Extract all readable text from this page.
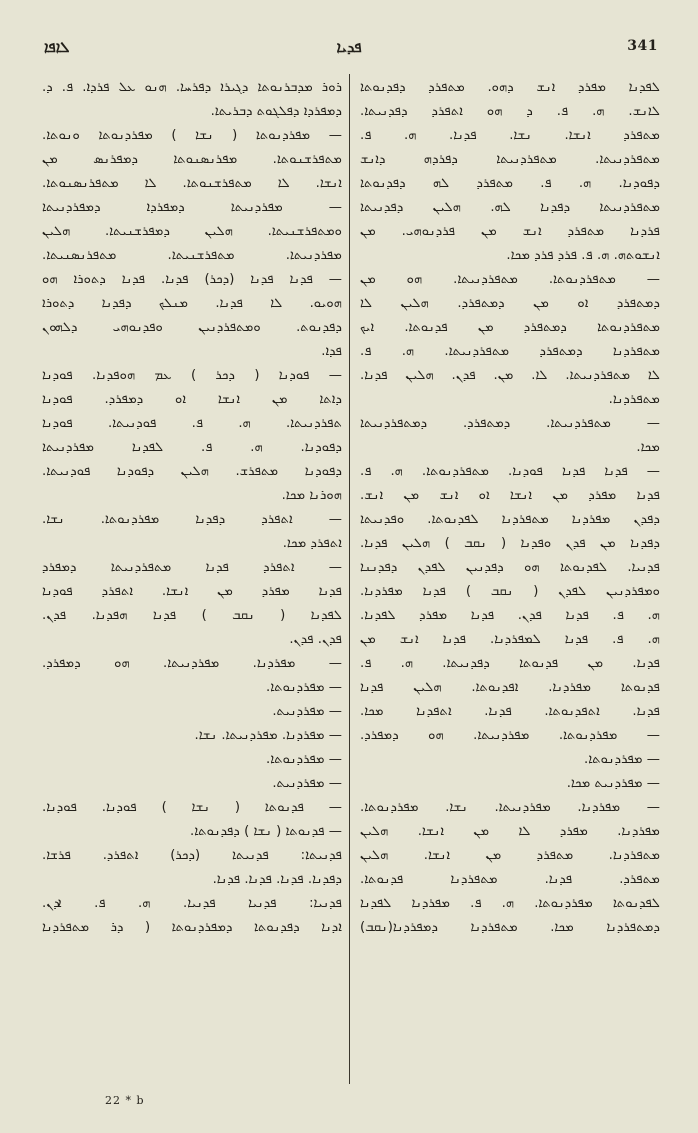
ܠܐܦܐ	ܦܕܝܐ	341
ܪܘܪ ܡܕܒܪܢܘܬܐ ܕܓܝܪܐ ܕܦܪܚܐ. ܗܢܘ ܥܠ ܦܪܕܐ. ܦ. ܕ.
ܕܡܦܪܕܐ ܕܦܠܓܘܬ ܕܒܪܝܬܐ.
— ܡܦܪܕܢܘܬܐ ( ܢܫܐ ) ܡܦܪܕܢܘܬܐ ܘܢܘܬܐ.
ܡܬܦܪܫܢܘܬܐ. ܡܦܪܢܣܢܘܬܐ ܕܡܦܪܢܣ ܡܢ
ܐܢܫܐ. ܠܐ ܡܬܦܪܫܢܘܬܐ. ܠܐ ܡܬܦܪܢܣܢܘܬܐ.
— ܡܦܪܕܢܝܬܐ ܕܡܦܪܕܐ ܕܡܦܪܕܢܝܬܐ
ܘܡܬܦܪܫܢܝܬܐ. ܗܠܝܢ ܕܡܦܪܫܢܝܬܐ. ܗܠܝܢ
ܡܦܪܕܢܝܬܐ. ܡܬܦܪܫܢܝܬܐ. ܡܬܦܪܢܣܢܝܬܐ.
— ܦܕܢܐ ܦܕܢܐ (ܕܟܪ) ܦܕܢܐ. ܦܕܢܐ ܕܬܘܪܐ ܗܘ
ܗܘܝܘ. ܠܐ ܦܕܢܐ. ܡܢܠܟ ܕܦܕܢܐ ܕܬܘܪܐ
ܕܦܕܢܘܬ. ܘܡܬܦܪܕܢܝܢ ܘܦܕܢܘܗܝ ܕܠܗܘܢ
ܦܕܐ.
— ܦܘܕܢܐ ( ܕܟܪ ) ܥܡ ܗܘܦܕܢܐ. ܦܘܕܢܐ
ܕܐܬܐ ܡܢ ܐܢܫܐ ܐܘ ܕܡܦܪܕ. ܦܘܕܢܐ
ܬܦܪܕܢܝܬܐ. ܗ. ܦ. ܦܘܕܢܝܬܐ. ܦܘܕܢܐ
ܕܦܘܕܢܐ. ܗ. ܦ. ܠܦܕܢܐ ܡܦܪܕܢܝܬܐ
ܕܦܘܕܢܐ ܡܬܦܪܫ. ܗܠܝܢ ܕܦܘܕܢܐ ܦܘܕܢܝܬܐ.
ܗܘܪܢܐ ܡܟܐ.
— ܐܬܦܪܕ ܕܦܕܢܐ ܡܦܪܕܢܘܬܐ. ܢܫܐ.
ܐܬܦܪܕ ܡܟܐ.
— ܐܬܦܪܕ ܦܕܢܐ ܡܬܦܪܕܢܝܬܐ ܕܡܦܪܕ
ܦܕܢܐ ܡܦܪܕ ܡܢ ܐܢܫܐ. ܐܬܦܪܕ ܦܘܕܢܐ
ܠܦܕܢܐ ( ܢܩܒ ) ܦܕܢܐ ܗܦܕܢܐ. ܦܕܢ.
ܦܕܢ. ܦܕܢ.
— ܡܦܪܕܢܐ. ܡܦܪܕܢܝܬܐ. ܗܘ ܕܡܦܪܕ.
— ܡܦܪܕܢܘܬܐ.
— ܡܦܪܕܢܝܬ.
— ܡܦܪܕܢܐ. ܡܦܪܕܢܝܬܐ. ܢܫܐ.
— ܡܦܪܕܢܘܬܐ.
— ܡܦܪܕܢܝܬ.
— ܦܕܢܘܬܐ ( ܢܫܐ ) ܦܘܕܢܐ. ܦܘܕܢܐ.
— ܦܕܢܘܬܐ ( ܢܫܐ ) ܕܦܕܢܘܬܐ.
ܦܕܢܝܬܐ: ܦܕܢܝܬܐ (ܕܟܪ) ܐܬܦܪܕ. ܦܪܫܐ.
ܕܦܕܢܐ. ܦܕܢܐ. ܦܕܢܐ. ܦܕܢܐ.
ܦܕܢܝܐ: ܦܕܢܝܐ ܦܕܢܝܐ. ܗ. ܦ. ܐܕܢ.
ܐܕܢܐ ܕܦܕܢܘܬܐ ܕܡܦܪܕܢܘܬܐ ( ܕܪ ܡܬܦܪܕܢܐ
ܠܦܕܢܐ ܡܦܪܕ ܐܢܫ ܕܗܘ. ܡܬܦܪܕ ܕܦܕܢܘܬܐ
ܠܐܢܫ. ܗ. ܦ. ܕ ܗܘ ܐܬܦܪܕ ܕܦܕܢܝܬܐ.
ܡܬܦܪܕ ܐܢܫܐ. ܢܫܐ. ܦܕܢܐ. ܗ. ܦ.
ܡܬܦܪܕܢܝܬܐ. ܡܬܦܪܕܢܝܬܐ ܕܦܪܕܗ ܕܐܢܫ
ܕܦܘܕܢܐ. ܗ. ܦ. ܡܬܦܪܕ ܠܗ ܕܦܕܢܘܬܐ
ܡܬܦܪܕܢܝܬܐ ܕܦܕܢܐ ܠܗ. ܗܠܝܢ ܕܦܕܢܝܬܐ
ܦܪܕܢܐ ܡܬܦܪܕ ܐܢܫ ܡܢ ܦܪܕܢܘܗܝ. ܡܢ
ܐܢܫܘܬܗ. ܗ. ܦ. ܦܪܕ ܦܪܕ ܡܟܐ.
— ܡܬܦܪܕܢܘܬܐ. ܡܬܦܪܕܢܝܬܐ. ܗܘ ܡܢ
ܕܡܬܦܪܕ ܐܘ ܡܢ ܕܡܬܦܪܕ. ܗܠܝܢ ܠܐ
ܡܬܦܪܕܢܘܬܐ ܕܡܬܦܪܕ ܡܢ ܦܕܢܘܬܐ. ܐܝܟ
ܡܬܦܪܕܢܐ ܕܡܬܦܪܕ ܡܬܦܪܕܢܝܬܐ. ܗ. ܦ.
ܠܐ ܡܬܦܪܕܢܝܬܐ. ܠܐ. ܡܢ. ܦܕܢ. ܗܠܝܢ ܦܕܢܐ.
ܡܬܦܪܕܢܐ.
— ܡܬܦܪܕܢܝܬܐ. ܕܡܬܦܪܕ. ܕܡܬܦܪܕܢܝܬܐ
ܡܟܐ.
— ܦܕܢܐ ܦܕܢܐ ܦܘܕܢܐ. ܡܬܦܪܕܢܘܬܐ. ܗ. ܦ.
ܦܕܢܐ ܡܦܪܕ ܡܢ ܐܢܫܐ ܐܘ ܐܢܫ ܡܢ ܐܢܫ.
ܕܦܕܢ ܡܦܪܕܢܐ ܡܬܦܪܕܢܐ ܠܦܕܢܘܬܐ. ܘܦܕܢܝܬܐ
ܕܦܕܢܐ ܡܢ ܦܕܢ ܘܦܕܢܐ ( ܢܩܒ ) ܗܠܝܢ ܦܕܢܐ.
ܦܕܢܝܐ. ܠܦܕܢܘܬܐ ܗܘ ܕܦܕܢܝܢ ܠܦܕܢ ܕܦܕܢܢܐ
ܘܡܦܪܕܢܝܢ ܠܦܕܢ ( ܢܩܒ ) ܦܕܢܐ ܡܦܪܕܢܐ.
ܗ. ܦ. ܦܕܢܐ ܦܕܢ. ܦܕܢܐ ܡܦܪܕ ܠܦܕܢܐ.
ܗ. ܦ. ܦܕܢܐ ܠܡܦܪܕܢܐ. ܦܕܢܐ ܐܢܫ ܡܢ
ܦܕܢܐ. ܡܢ ܦܕܢܘܬܐ ܕܦܕܢܝܬܐ. ܗ. ܦ.
ܦܕܢܘܬܐ ܡܦܪܕܢܐ. ܐܦܕܢܘܬܐ. ܗܠܝܢ ܦܕܢܐ
ܦܕܢܐ. ܐܬܦܕܢܘܬܐ. ܦܕܢܐ. ܐܬܦܕܢܐ ܡܟܐ.
— ܡܦܪܕܢܘܬܐ. ܡܦܪܕܢܝܬܐ. ܗܘ ܕܡܦܪܕ.
— ܡܦܪܕܢܘܬܐ.
— ܡܦܪܕܢܝܬ ܡܟܐ.
— ܡܦܪܕܢܐ. ܡܦܪܕܢܝܬܐ. ܢܫܐ. ܡܦܪܕܢܘܬܐ.
ܡܦܪܕܢܐ. ܡܦܪܕ ܠܐ ܡܢ ܐܢܫܐ. ܗܠܝܢ
ܡܬܦܪܕܢܐ. ܡܬܦܪܕ ܡܢ ܐܢܫܐ. ܗܠܝܢ
ܡܬܦܪܕ. ܦܕܢܐ. ܡܬܦܪܕܢܐ ܦܕܢܘܬܐ.
ܠܦܕܢܘܬܐ ܡܦܪܕܢܘܬܐ. ܗ. ܦ. ܡܦܪܕܢܐ ܠܦܕܢܐ
ܕܡܬܦܪܕܢܐ ܡܟܐ. ܡܬܦܪܕܢܐ ܕܡܦܪܕܢܐ(ܢܩܒ)
22 * b
